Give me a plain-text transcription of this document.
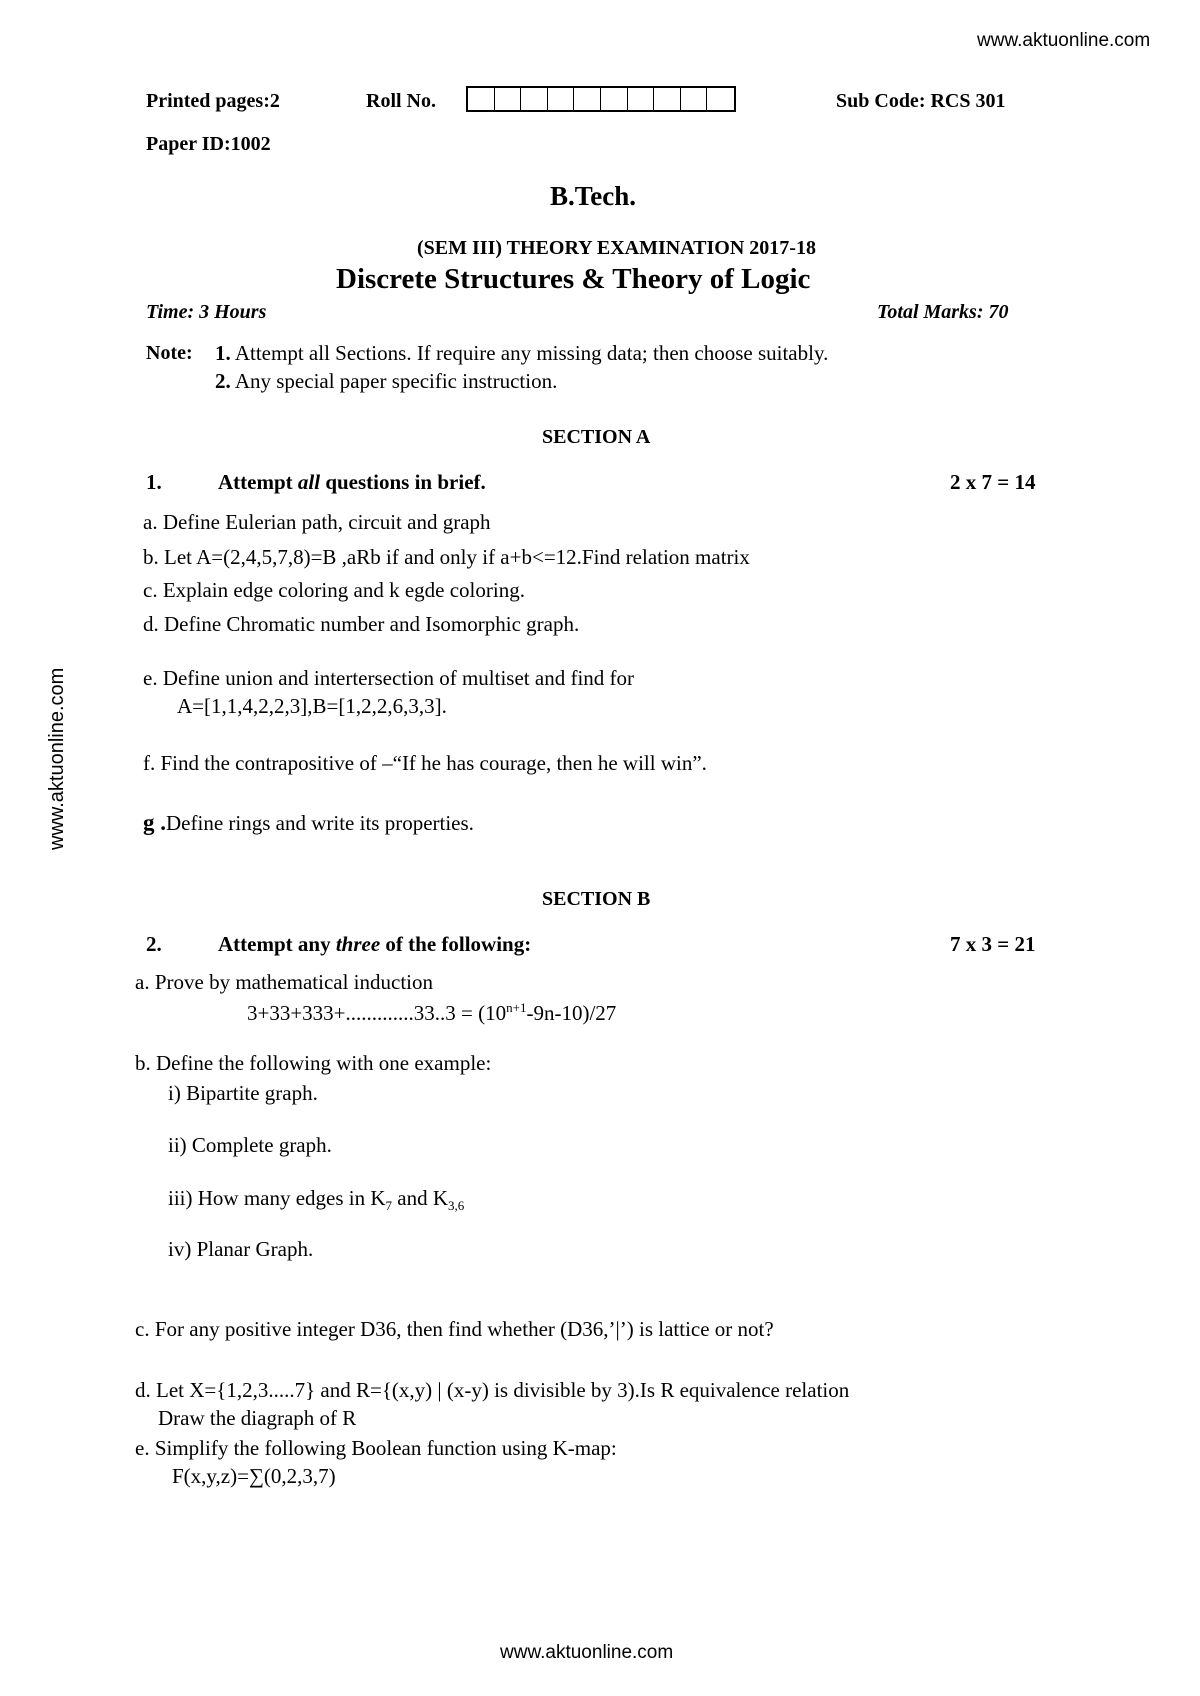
www.aktuonline.com
www.aktuonline.com
www.aktuonline.com
Printed pages:2	Roll No.	Sub Code: RCS 301
Paper ID:1002
B.Tech.
(SEM III) THEORY EXAMINATION 2017-18
Discrete Structures & Theory of Logic
Time: 3 Hours	Total Marks: 70
Note: 1. Attempt all Sections. If require any missing data; then choose suitably.
2. Any special paper specific instruction.
SECTION A
1.	Attempt all questions in brief.	2 x 7 = 14
a. Define Eulerian path, circuit and graph
b. Let A=(2,4,5,7,8)=B ,aRb if and only if a+b<=12.Find relation matrix
c. Explain edge coloring and k egde coloring.
d. Define Chromatic number and Isomorphic graph.
e. Define union and intertersection of multiset and find for
A=[1,1,4,2,2,3],B=[1,2,2,6,3,3].
f. Find the contrapositive of –“If he has courage, then he will win”.
g .Define rings and write its properties.
SECTION B
2.	Attempt any three of the following:	7 x 3 = 21
a. Prove by mathematical induction
$3+33+333+.............33..3 = (10^{n+1}-9n-10)/27$
b. Define the following with one example:
i) Bipartite graph.
ii) Complete graph.
iii) How many edges in $K_7$ and $K_{3,6}$
iv) Planar Graph.
c. For any positive integer D36, then find whether (D36,’|’) is lattice or not?
d. Let X={1,2,3.....7} and R={(x,y) | (x-y) is divisible by 3).Is R equivalence relation
Draw the diagraph of R
e. Simplify the following Boolean function using K-map:
F(x,y,z)=∑(0,2,3,7)
